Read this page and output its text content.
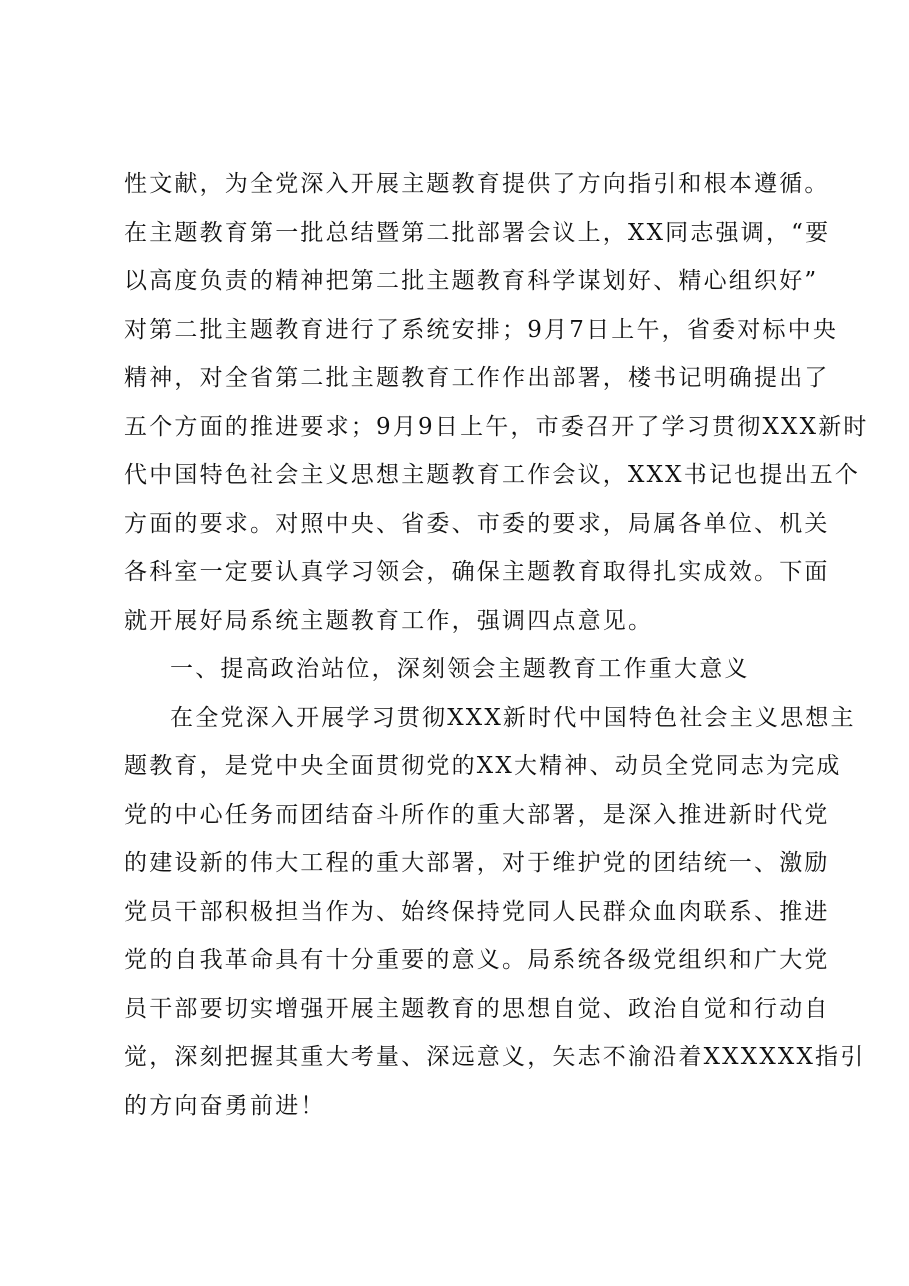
性文献，为全党深入开展主题教育提供了方向指引和根本遵循。
在主题教育第一批总结暨第二批部署会议上，XX同志强调，“要
以高度负责的精神把第二批主题教育科学谋划好、精心组织好”
对第二批主题教育进行了系统安排；9月7日上午，省委对标中央
精神，对全省第二批主题教育工作作出部署，楼书记明确提出了
五个方面的推进要求；9月9日上午，市委召开了学习贯彻XXX新时
代中国特色社会主义思想主题教育工作会议，XXX书记也提出五个
方面的要求。对照中央、省委、市委的要求，局属各单位、机关
各科室一定要认真学习领会，确保主题教育取得扎实成效。下面
就开展好局系统主题教育工作，强调四点意见。
一、提高政治站位，深刻领会主题教育工作重大意义
在全党深入开展学习贯彻XXX新时代中国特色社会主义思想主
题教育，是党中央全面贯彻党的XX大精神、动员全党同志为完成
党的中心任务而团结奋斗所作的重大部署，是深入推进新时代党
的建设新的伟大工程的重大部署，对于维护党的团结统一、激励
党员干部积极担当作为、始终保持党同人民群众血肉联系、推进
党的自我革命具有十分重要的意义。局系统各级党组织和广大党
员干部要切实增强开展主题教育的思想自觉、政治自觉和行动自
觉，深刻把握其重大考量、深远意义，矢志不渝沿着XXXXXX指引
的方向奋勇前进！
